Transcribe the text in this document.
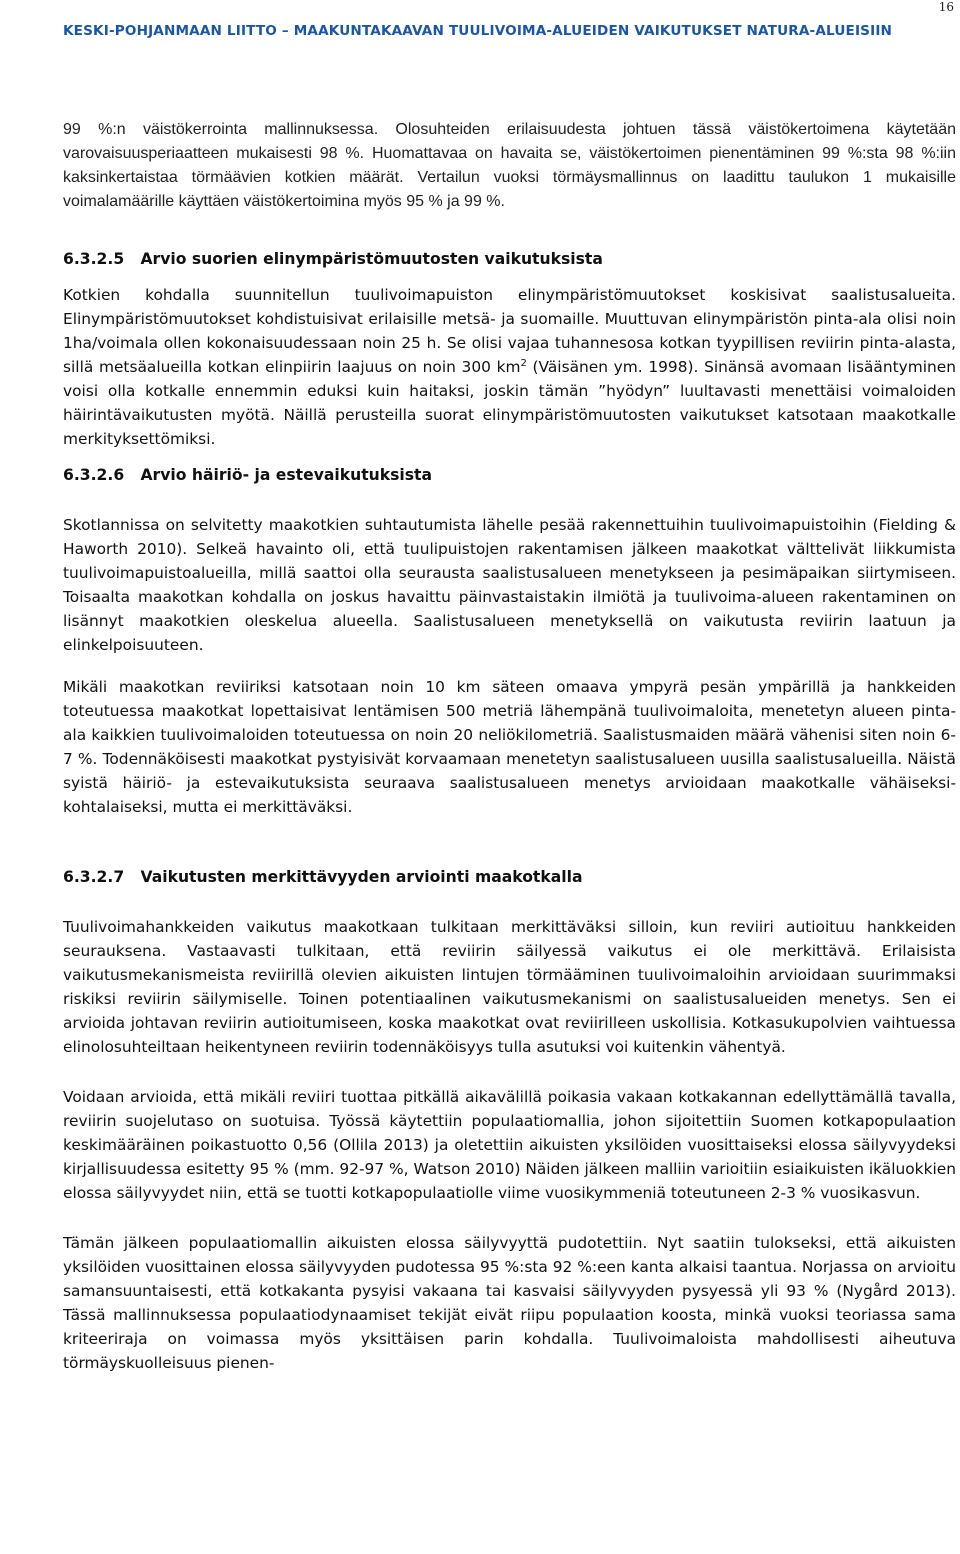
16
KESKI-POHJANMAAN LIITTO – MAAKUNTAKAAVAN TUULIVOIMA-ALUEIDEN VAIKUTUKSET NATURA-ALUEISIIN

99 %:n väistökerrointa mallinnuksessa. Olosuhteiden erilaisuudesta johtuen tässä väistökertoimena käytetään varovaisuusperiaatteen mukaisesti 98 %. Huomattavaa on havaita se, väistökertoimen pienentäminen 99 %:sta 98 %:iin kaksinkertaistaa törmäävien kotkien määrät. Vertailun vuoksi törmäysmallinnus on laadittu taulukon 1 mukaisille voimalamäärille käyttäen väistökertoimina myös 95 % ja 99 %.

6.3.2.5
Arvio suorien elinympäristömuutosten vaikutuksista

Kotkien kohdalla suunnitellun tuulivoimapuiston elinympäristömuutokset koskisivat saalistusalueita. Elinympäristömuutokset kohdistuisivat erilaisille metsä- ja suomaille. Muuttuvan elinympäristön pinta-ala olisi noin 1ha/voimala ollen kokonaisuudessaan noin 25 h. Se olisi vajaa tuhannesosa kotkan tyypillisen reviirin pinta-alasta, sillä metsäalueilla kotkan elinpiirin laajuus on noin 300 $km^2$ (Väisänen ym. 1998). Sinänsä avomaan lisääntyminen voisi olla kotkalle ennemmin eduksi kuin haitaksi, joskin tämän ”hyödyn” luultavasti menettäisi voimaloiden häirintävaikutusten myötä. Näillä perusteilla suorat elinympäristömuutosten vaikutukset katsotaan maakotkalle merkityksettömiksi.

6.3.2.6
Arvio häiriö- ja estevaikutuksista

Skotlannissa on selvitetty maakotkien suhtautumista lähelle pesää rakennettuihin tuulivoimapuistoihin (Fielding & Haworth 2010). Selkeä havainto oli, että tuulipuistojen rakentamisen jälkeen maakotkat välttelivät liikkumista tuulivoimapuistoalueilla, millä saattoi olla seurausta saalistusalueen menetykseen ja pesimäpaikan siirtymiseen. Toisaalta maakotkan kohdalla on joskus havaittu päinvastaistakin ilmiötä ja tuulivoima-alueen rakentaminen on lisännyt maakotkien oleskelua alueella. Saalistusalueen menetyksellä on vaikutusta reviirin laatuun ja elinkelpoisuuteen.

Mikäli maakotkan reviiriksi katsotaan noin 10 km säteen omaava ympyrä pesän ympärillä ja hankkeiden toteutuessa maakotkat lopettaisivat lentämisen 500 metriä lähempänä tuulivoimaloita, menetetyn alueen pinta-ala kaikkien tuulivoimaloiden toteutuessa on noin 20 neliökilometriä. Saalistusmaiden määrä vähenisi siten noin 6-7 %. Todennäköisesti maakotkat pystyisivät korvaamaan menetetyn saalistusalueen uusilla saalistusalueilla. Näistä syistä häiriö- ja estevaikutuksista seuraava saalistusalueen menetys arvioidaan maakotkalle vähäiseksi-kohtalaiseksi, mutta ei merkittäväksi.

6.3.2.7
Vaikutusten merkittävyyden arviointi maakotkalla

Tuulivoimahankkeiden vaikutus maakotkaan tulkitaan merkittäväksi silloin, kun reviiri autioituu hankkeiden seurauksena. Vastaavasti tulkitaan, että reviirin säilyessä vaikutus ei ole merkittävä. Erilaisista vaikutusmekanismeista reviirillä olevien aikuisten lintujen törmääminen tuulivoimaloihin arvioidaan suurimmaksi riskiksi reviirin säilymiselle. Toinen potentiaalinen vaikutusmekanismi on saalistusalueiden menetys. Sen ei arvioida johtavan reviirin autioitumiseen, koska maakotkat ovat reviirilleen uskollisia. Kotkasukupolvien vaihtuessa elinolosuhteiltaan heikentyneen reviirin todennäköisyys tulla asutuksi voi kuitenkin vähentyä.

Voidaan arvioida, että mikäli reviiri tuottaa pitkällä aikavälillä poikasia vakaan kotkakannan edellyttämällä tavalla, reviirin suojelutaso on suotuisa. Työssä käytettiin populaatiomallia, johon sijoitettiin Suomen kotkapopulaation keskimääräinen poikastuotto 0,56 (Ollila 2013) ja oletettiin aikuisten yksilöiden vuosittaiseksi elossa säilyvyydeksi kirjallisuudessa esitetty 95 % (mm. 92-97 %, Watson 2010) Näiden jälkeen malliin varioitiin esiaikuisten ikäluokkien elossa säilyvyydet niin, että se tuotti kotkapopulaatiolle viime vuosikymmeniä toteutuneen 2-3 % vuosikasvun.

Tämän jälkeen populaatiomallin aikuisten elossa säilyvyyttä pudotettiin. Nyt saatiin tulokseksi, että aikuisten yksilöiden vuosittainen elossa säilyvyyden pudotessa 95 %:sta 92 %:een kanta alkaisi taantua. Norjassa on arvioitu samansuuntaisesti, että kotkakanta pysyisi vakaana tai kasvaisi säilyvyyden pysyessä yli 93 % (Nygård 2013). Tässä mallinnuksessa populaatiodynaamiset tekijät eivät riipu populaation koosta, minkä vuoksi teoriassa sama kriteeriraja on voimassa myös yksittäisen parin kohdalla. Tuulivoimaloista mahdollisesti aiheutuva törmäyskuolleisuus pienen-
